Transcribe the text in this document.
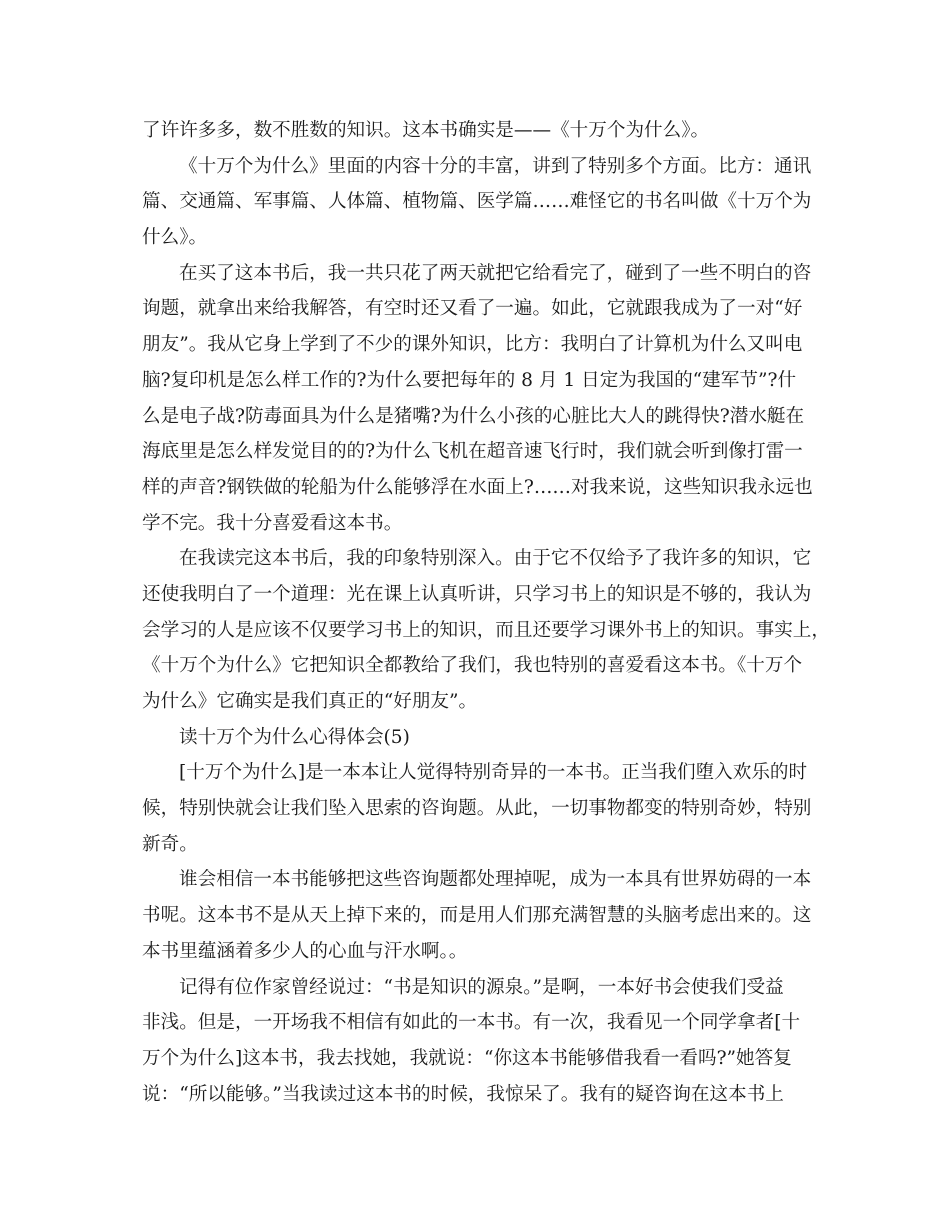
了许许多多，数不胜数的知识。这本书确实是——《十万个为什么》。
《十万个为什么》里面的内容十分的丰富，讲到了特别多个方面。比方：通讯
篇、交通篇、军事篇、人体篇、植物篇、医学篇……难怪它的书名叫做《十万个为
什么》。
在买了这本书后，我一共只花了两天就把它给看完了，碰到了一些不明白的咨
询题，就拿出来给我解答，有空时还又看了一遍。如此，它就跟我成为了一对“好
朋友”。我从它身上学到了不少的课外知识，比方：我明白了计算机为什么又叫电
脑?复印机是怎么样工作的?为什么要把每年的 8 月 1 日定为我国的“建军节”?什
么是电子战?防毒面具为什么是猪嘴?为什么小孩的心脏比大人的跳得快?潜水艇在
海底里是怎么样发觉目的的?为什么飞机在超音速飞行时，我们就会听到像打雷一
样的声音?钢铁做的轮船为什么能够浮在水面上?……对我来说，这些知识我永远也
学不完。我十分喜爱看这本书。
在我读完这本书后，我的印象特别深入。由于它不仅给予了我许多的知识，它
还使我明白了一个道理：光在课上认真听讲，只学习书上的知识是不够的，我认为
会学习的人是应该不仅要学习书上的知识，而且还要学习课外书上的知识。事实上，
《十万个为什么》它把知识全都教给了我们，我也特别的喜爱看这本书。《十万个
为什么》它确实是我们真正的“好朋友”。
读十万个为什么心得体会(5)
[十万个为什么]是一本本让人觉得特别奇异的一本书。正当我们堕入欢乐的时
候，特别快就会让我们坠入思索的咨询题。从此，一切事物都变的特别奇妙，特别
新奇。
谁会相信一本书能够把这些咨询题都处理掉呢，成为一本具有世界妨碍的一本
书呢。这本书不是从天上掉下来的，而是用人们那充满智慧的头脑考虑出来的。这
本书里蕴涵着多少人的心血与汗水啊。。
记得有位作家曾经说过：“书是知识的源泉。”是啊，一本好书会使我们受益
非浅。但是，一开场我不相信有如此的一本书。有一次，我看见一个同学拿者[十
万个为什么]这本书，我去找她，我就说：“你这本书能够借我看一看吗?”她答复
说：“所以能够。”当我读过这本书的时候，我惊呆了。我有的疑咨询在这本书上
